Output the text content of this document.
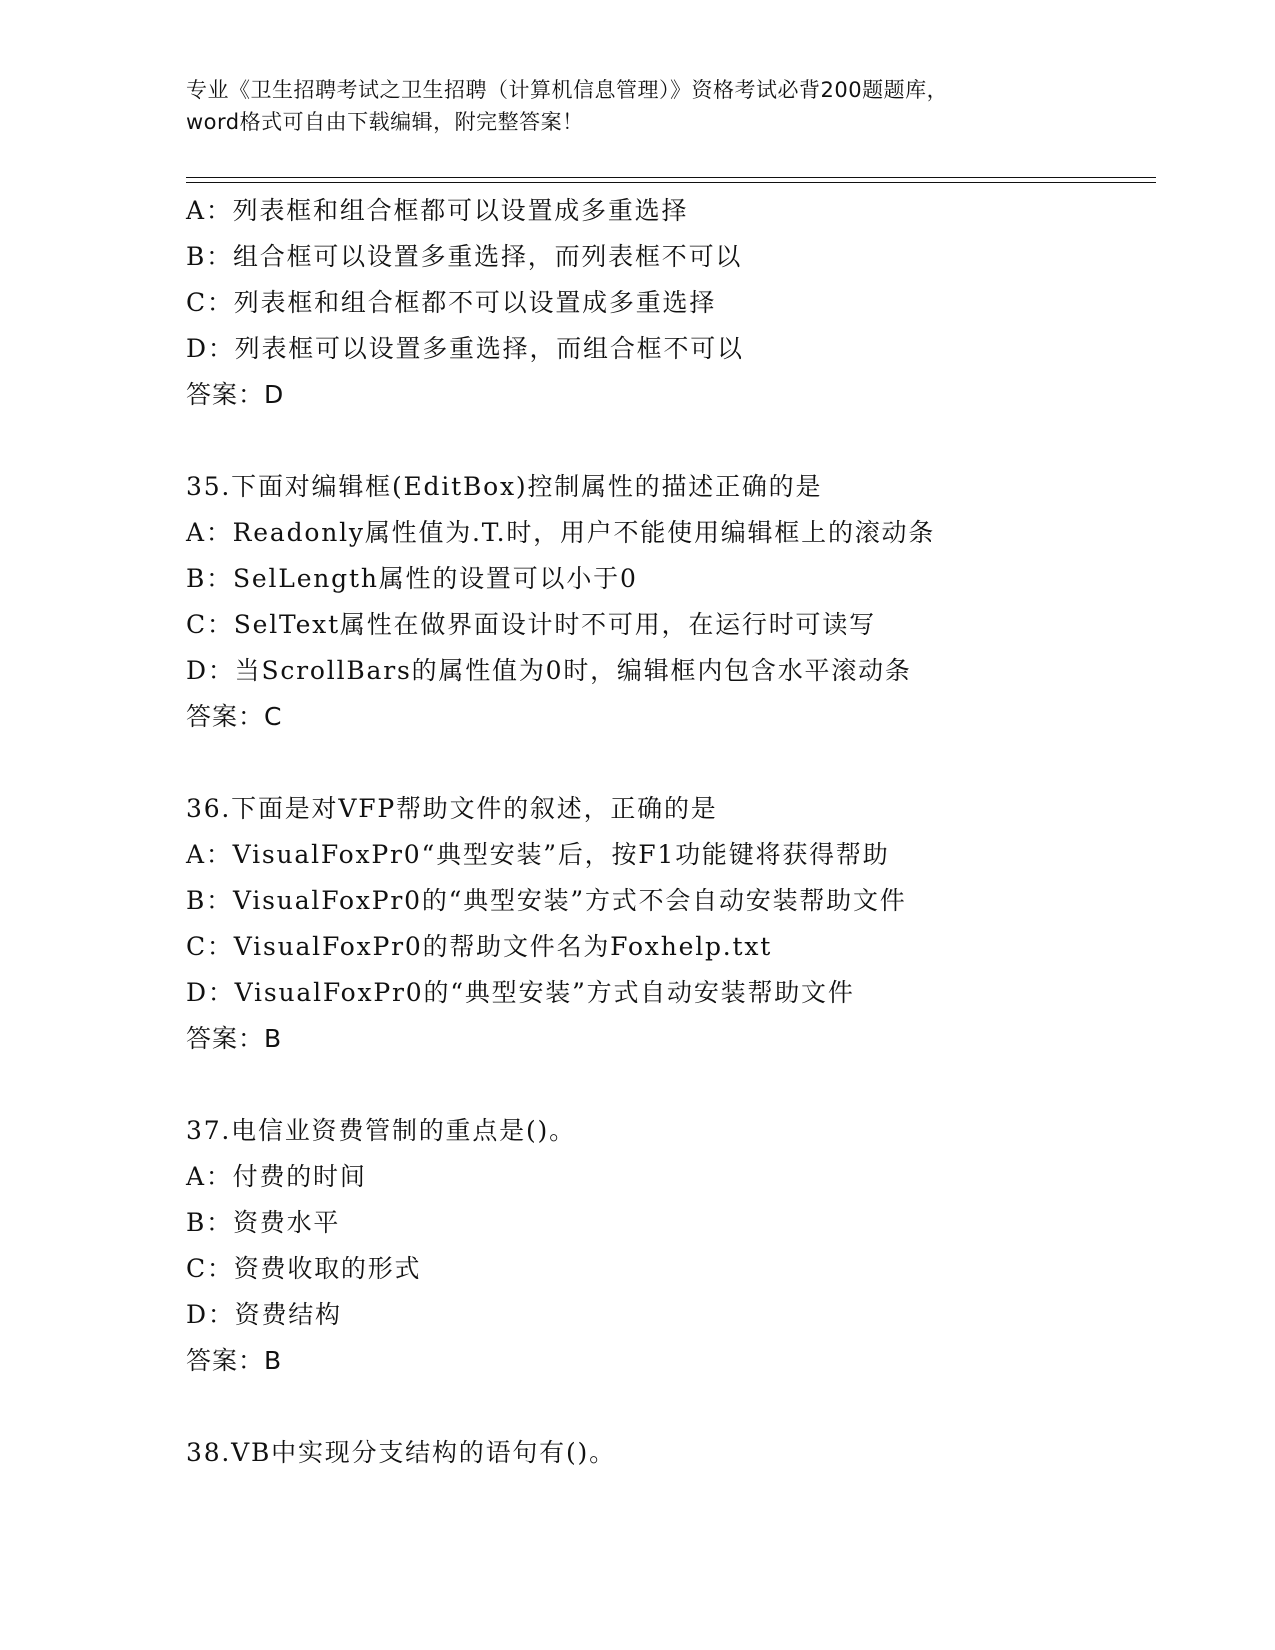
专业《卫生招聘考试之卫生招聘（计算机信息管理）》资格考试必背200题题库，
word格式可自由下载编辑，附完整答案！
A：列表框和组合框都可以设置成多重选择
B：组合框可以设置多重选择，而列表框不可以
C：列表框和组合框都不可以设置成多重选择
D：列表框可以设置多重选择，而组合框不可以
答案：D
35.下面对编辑框(EditBox)控制属性的描述正确的是
A：Readonly属性值为.T.时，用户不能使用编辑框上的滚动条
B：SelLength属性的设置可以小于0
C：SelText属性在做界面设计时不可用，在运行时可读写
D：当ScrollBars的属性值为0时，编辑框内包含水平滚动条
答案：C
36.下面是对VFP帮助文件的叙述，正确的是
A：VisualFoxPr0“典型安装”后，按F1功能键将获得帮助
B：VisualFoxPr0的“典型安装”方式不会自动安装帮助文件
C：VisualFoxPr0的帮助文件名为Foxhelp.txt
D：VisualFoxPr0的“典型安装”方式自动安装帮助文件
答案：B
37.电信业资费管制的重点是()。
A：付费的时间
B：资费水平
C：资费收取的形式
D：资费结构
答案：B
38.VB中实现分支结构的语句有()。
